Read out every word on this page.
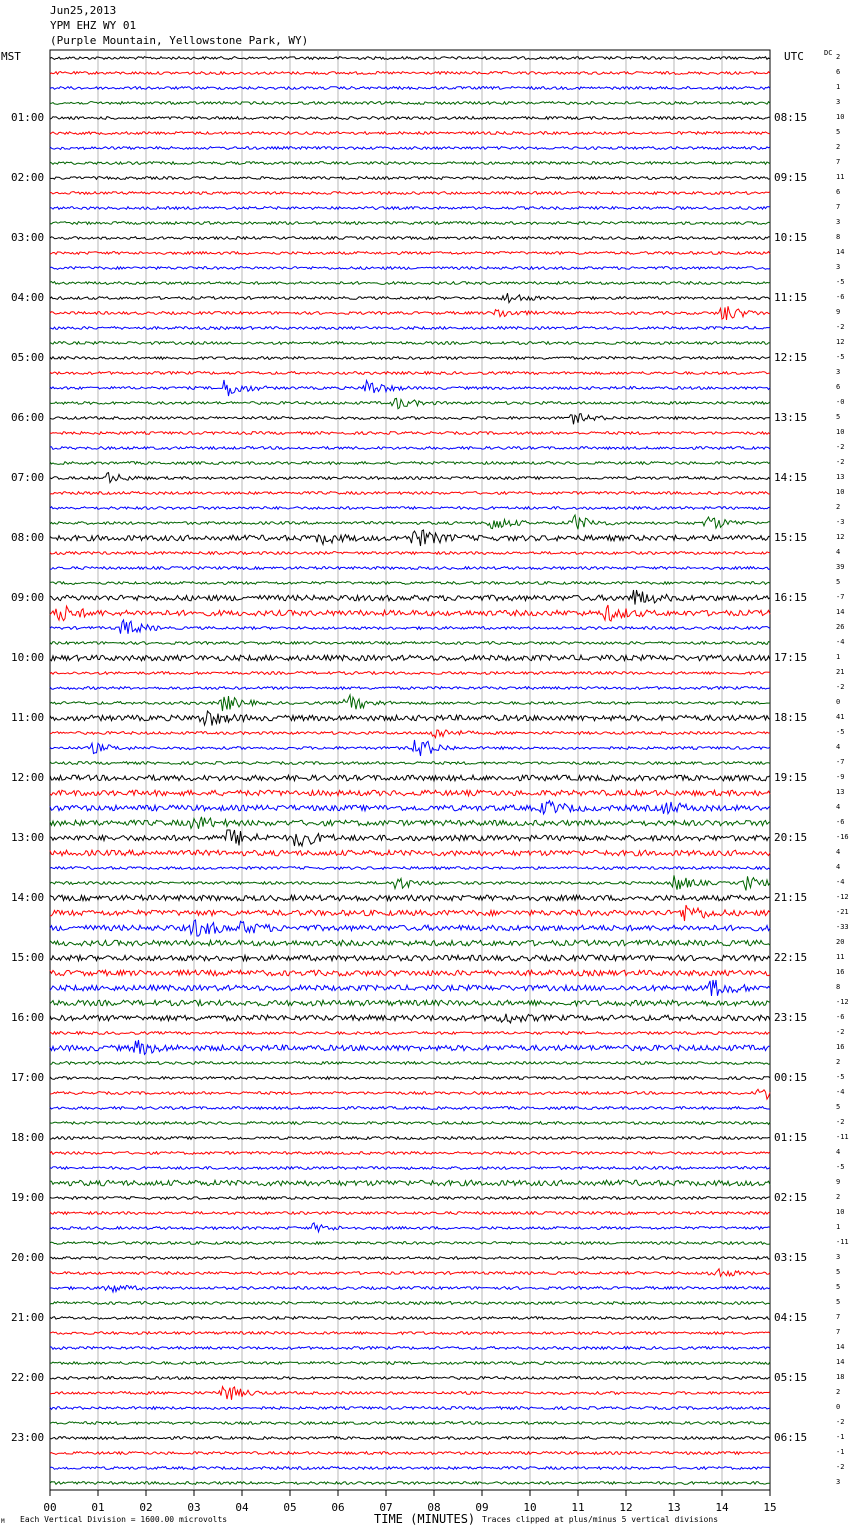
Jun25,2013
YPM EHZ WY 01
(Purple Mountain, Yellowstone Park, WY)
MST	UTC	DC
01:00
02:00
03:00
04:00
05:00
06:00
07:00
08:00
09:00
10:00
11:00
12:00
13:00
14:00
15:00
16:00
17:00
18:00
19:00
20:00
21:00
22:00
23:00
08:15
09:15
10:15
11:15
12:15
13:15
14:15
15:15
16:15
17:15
18:15
19:15
20:15
21:15
22:15
23:15
00:15
01:15
02:15
03:15
04:15
05:15
06:15
2
6
1
3
10
5
2
7
11
6
7
3
8
14
3
-5
-6
9
-2
12
-5
3
6
-0
5
10
-2
-2
13
10
2
-3
12
4
39
5
-7
14
26
-4
1
21
-2
0
41
-5
4
-7
-9
13
4
-6
-16
4
4
-4
-12
-21
-33
20
11
16
8
-12
-6
-2
16
2
-5
-4
5
-2
-11
4
-5
9
2
10
1
-11
3
5
5
5
7
7
14
14
18
2
0
-2
-1
-1
-2
3
00	01	02	03	04	05	06	07	08	09	10	11	12	13	14	15
TIME (MINUTES)
M Each Vertical Division = 1600.00 microvolts	Traces clipped at plus/minus 5 vertical divisions
